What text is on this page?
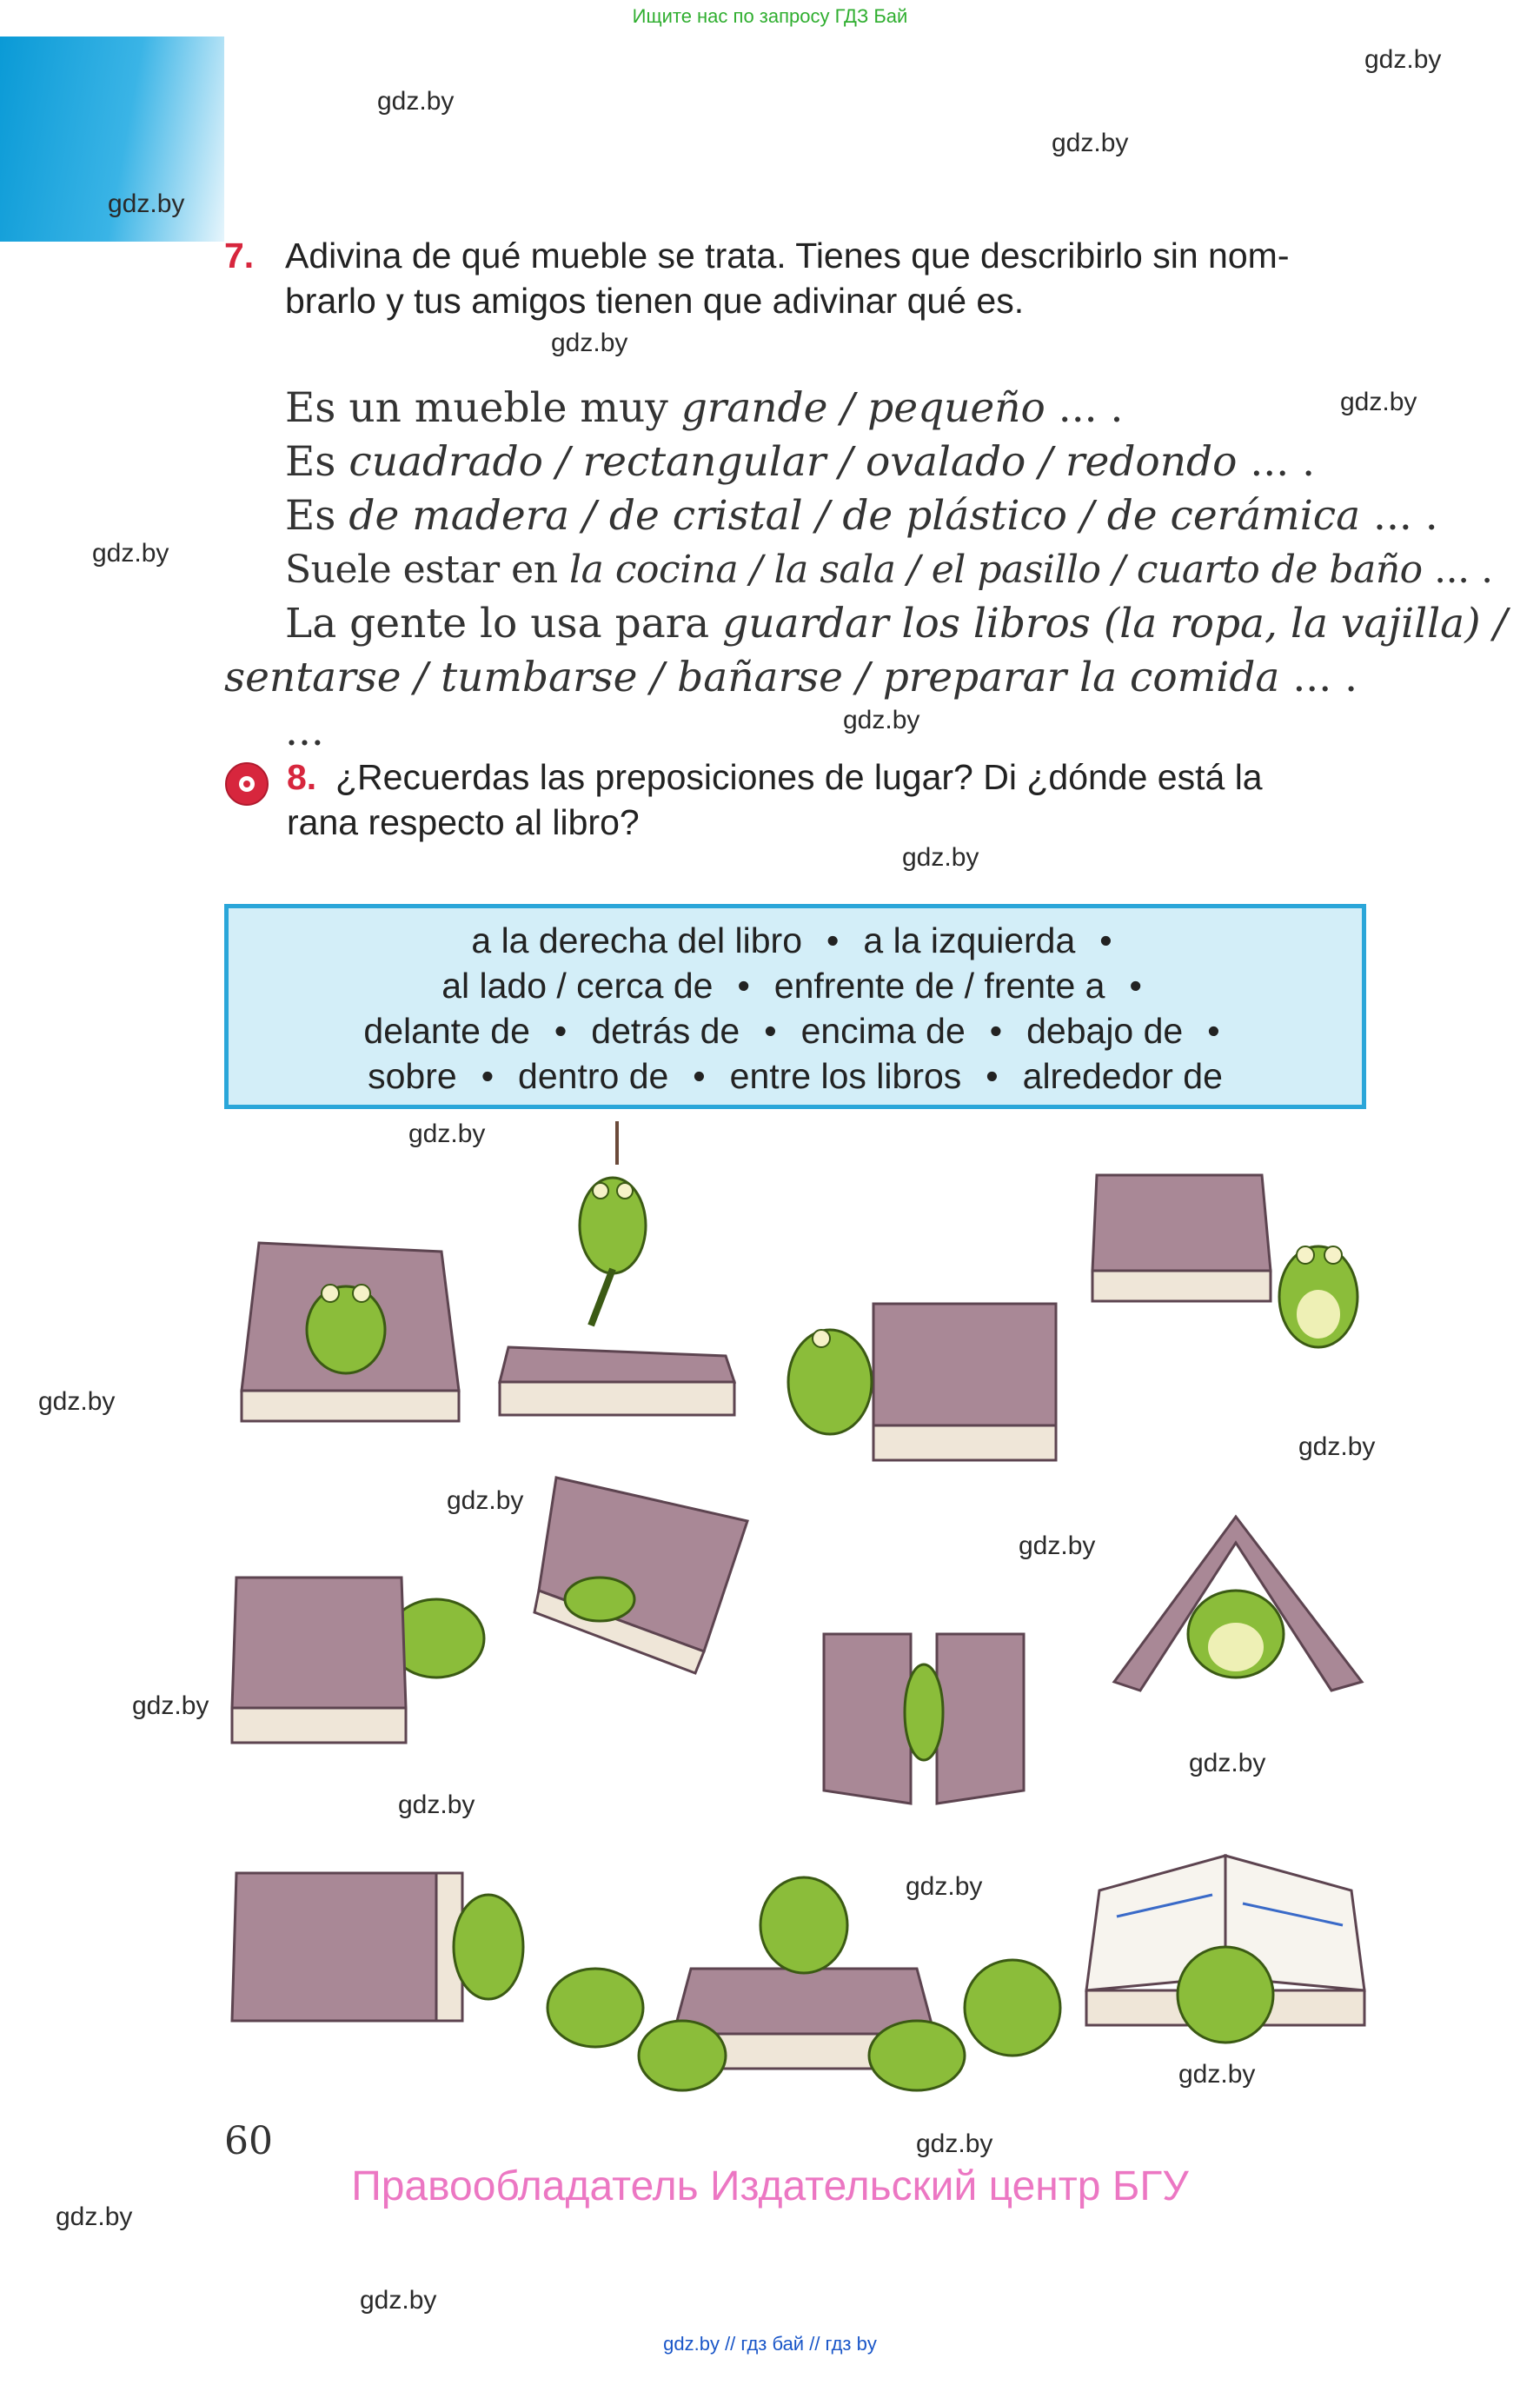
Ищите нас по запросу ГДЗ Бай
gdz.by
gdz.by
gdz.by
gdz.by
gdz.by
gdz.by
gdz.by
gdz.by
gdz.by
gdz.by
gdz.by
gdz.by
gdz.by
gdz.by
gdz.by
gdz.by
gdz.by
gdz.by
gdz.by
gdz.by
gdz.by
gdz.by
7. Adivina de qué mueble se trata. Tienes que describirlo sin nom-

brarlo y tus amigos tienen que adivinar qué es.
Es un mueble muy grande / pequeño ... .
Es cuadrado / rectangular / ovalado / redondo ... .
Es de madera / de cristal / de plástico / de cerámica ... .
Suele estar en la cocina / la sala / el pasillo / cuarto de baño ... .
La gente lo usa para guardar los libros (la ropa, la vajilla) /
sentarse / tumbarse / bañarse / preparar la comida ... .
...
8. ¿Recuerdas las preposiciones de lugar? Di ¿dónde está la

rana respecto al libro?
a la derecha del libro • a la izquierda •
al lado / cerca de • enfrente de / frente a •
delante de • detrás de • encima de • debajo de •
sobre • dentro de • entre los libros • alrededor de
60
Правообладатель Издательский центр БГУ
gdz.by // гдз бай // гдз by
